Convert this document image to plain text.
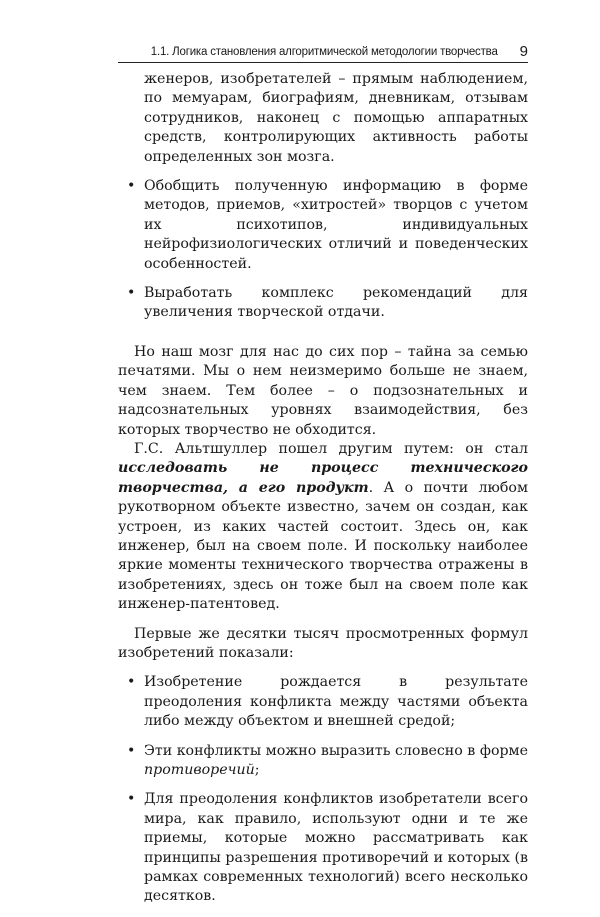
1.1. Логика становления алгоритмической методологии творчества 9
женеров, изобретателей – прямым наблюдением, по мемуарам, биографиям, дневникам, отзывам сотрудников, наконец с помощью аппаратных средств, контролирующих активность работы определенных зон мозга.
• Обобщить полученную информацию в форме методов, приемов, «хитростей» творцов с учетом их психотипов, индивидуальных нейрофизиологических отличий и поведенческих особенностей.
• Выработать комплекс рекомендаций для увеличения творческой отдачи.

Но наш мозг для нас до сих пор – тайна за семью печатями. Мы о нем неизмеримо больше не знаем, чем знаем. Тем более – о подзознательных и надсознательных уровнях взаимодействия, без которых творчество не обходится.

Г.С. Альтшуллер пошел другим путем: он стал исследовать не процесс технического творчества, а его продукт. А о почти любом рукотворном объекте известно, зачем он создан, как устроен, из каких частей состоит. Здесь он, как инженер, был на своем поле. И поскольку наиболее яркие моменты технического творчества отражены в изобретениях, здесь он тоже был на своем поле как инженер-патентовед.

Первые же десятки тысяч просмотренных формул изобретений показали:

• Изобретение рождается в результате преодоления конфликта между частями объекта либо между объектом и внешней средой;
• Эти конфликты можно выразить словесно в форме противоречий;
• Для преодоления конфликтов изобретатели всего мира, как правило, используют одни и те же приемы, которые можно рассматривать как принципы разрешения противоречий и которых (в рамках современных технологий) всего несколько десятков.
